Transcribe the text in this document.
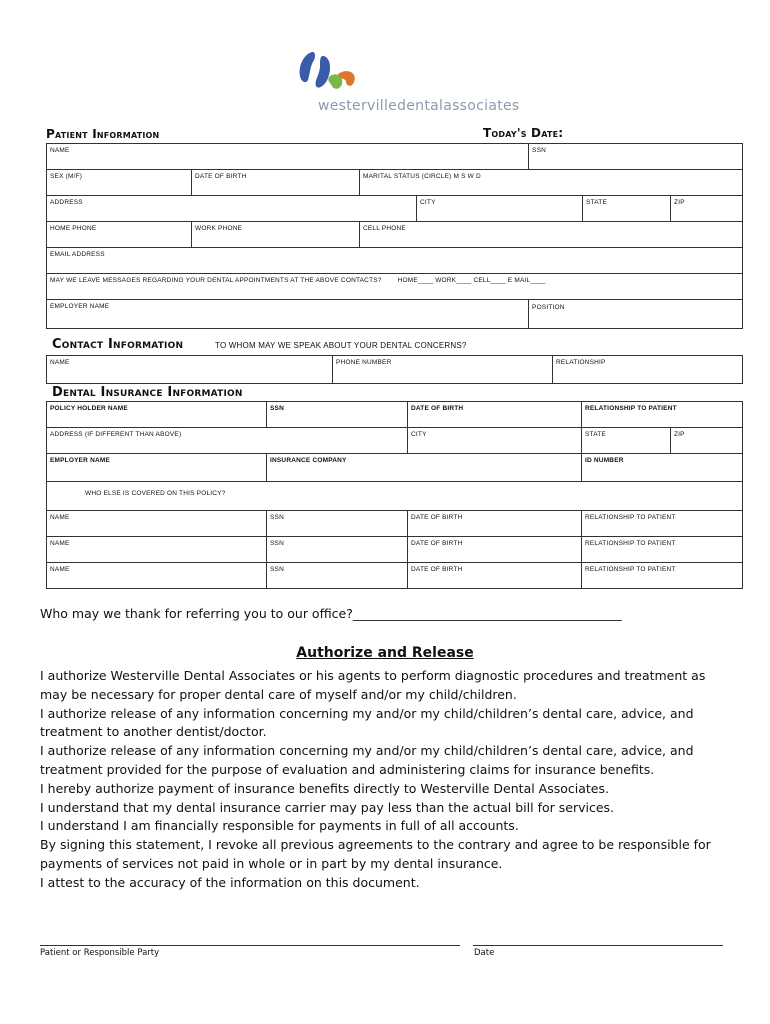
westervilledentalassociates
Patient Information	Today's Date:
NAME				SSN		
SEX (M/F)	DATE OF BIRTH	MARITAL STATUS (CIRCLE) M S W D				
ADDRESS			CITY		STATE	ZIP
HOME PHONE	WORK PHONE	CELL PHONE				
EMAIL ADDRESS						
MAY WE LEAVE MESSAGES REGARDING YOUR DENTAL APPOINTMENTS AT THE ABOVE CONTACTS? HOME____ WORK____ CELL____ E MAIL____						
EMPLOYER NAME				POSITION		
Contact Information	TO WHOM MAY WE SPEAK ABOUT YOUR DENTAL CONCERNS?
NAME	PHONE NUMBER	RELATIONSHIP
Dental Insurance Information
POLICY HOLDER NAME	SSN	DATE OF BIRTH	RELATIONSHIP TO PATIENT	
ADDRESS (IF DIFFERENT THAN ABOVE)		CITY	STATE	ZIP
EMPLOYER NAME	INSURANCE COMPANY		ID NUMBER	
WHO ELSE IS COVERED ON THIS POLICY?				
NAME	SSN	DATE OF BIRTH	RELATIONSHIP TO PATIENT	
NAME	SSN	DATE OF BIRTH	RELATIONSHIP TO PATIENT	
NAME	SSN	DATE OF BIRTH	RELATIONSHIP TO PATIENT	
Who may we thank for referring you to our office?___________________________________________
Authorize and Release

I authorize Westerville Dental Associates or his agents to perform diagnostic procedures and treatment as may be necessary for proper dental care of myself and/or my child/children.

I authorize release of any information concerning my and/or my child/children’s dental care, advice, and treatment to another dentist/doctor.

I authorize release of any information concerning my and/or my child/children’s dental care, advice, and treatment provided for the purpose of evaluation and administering claims for insurance benefits.

I hereby authorize payment of insurance benefits directly to Westerville Dental Associates.

I understand that my dental insurance carrier may pay less than the actual bill for services.

I understand I am financially responsible for payments in full of all accounts.

By signing this statement, I revoke all previous agreements to the contrary and agree to be responsible for payments of services not paid in whole or in part by my dental insurance.

I attest to the accuracy of the information on this document.

Patient or Responsible Party	Date
